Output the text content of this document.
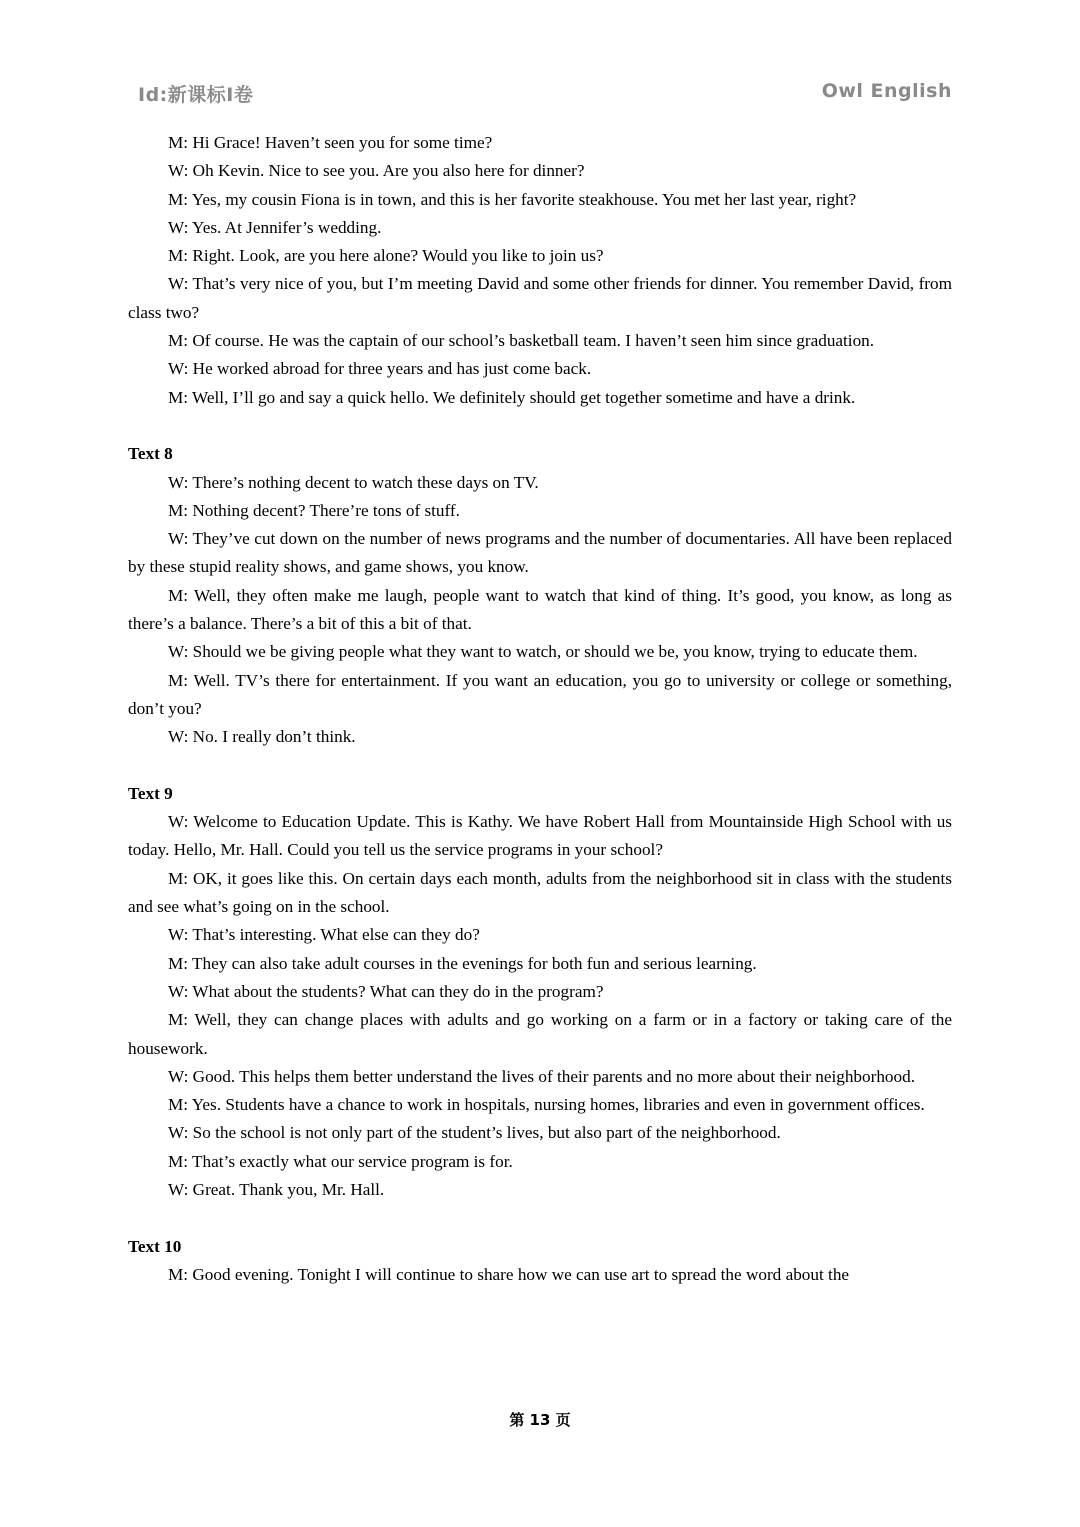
Id:新课标I卷	Owl English

M: Hi Grace! Haven’t seen you for some time?

W: Oh Kevin. Nice to see you. Are you also here for dinner?

M: Yes, my cousin Fiona is in town, and this is her favorite steakhouse. You met her last year, right?

W: Yes. At Jennifer’s wedding.

M: Right. Look, are you here alone? Would you like to join us?

W: That’s very nice of you, but I’m meeting David and some other friends for dinner. You remember David, from class two?

M: Of course. He was the captain of our school’s basketball team. I haven’t seen him since graduation.

W: He worked abroad for three years and has just come back.

M: Well, I’ll go and say a quick hello. We definitely should get together sometime and have a drink.

Text 8

W: There’s nothing decent to watch these days on TV.

M: Nothing decent? There’re tons of stuff.

W: They’ve cut down on the number of news programs and the number of documentaries. All have been replaced by these stupid reality shows, and game shows, you know.

M: Well, they often make me laugh, people want to watch that kind of thing. It’s good, you know, as long as there’s a balance. There’s a bit of this a bit of that.

W: Should we be giving people what they want to watch, or should we be, you know, trying to educate them.

M: Well. TV’s there for entertainment. If you want an education, you go to university or college or something, don’t you?

W: No. I really don’t think.

Text 9

W: Welcome to Education Update. This is Kathy. We have Robert Hall from Mountainside High School with us today. Hello, Mr. Hall. Could you tell us the service programs in your school?

M: OK, it goes like this. On certain days each month, adults from the neighborhood sit in class with the students and see what’s going on in the school.

W: That’s interesting. What else can they do?

M: They can also take adult courses in the evenings for both fun and serious learning.

W: What about the students? What can they do in the program?

M: Well, they can change places with adults and go working on a farm or in a factory or taking care of the housework.

W: Good. This helps them better understand the lives of their parents and no more about their neighborhood.

M: Yes. Students have a chance to work in hospitals, nursing homes, libraries and even in government offices.

W: So the school is not only part of the student’s lives, but also part of the neighborhood.

M: That’s exactly what our service program is for.

W: Great. Thank you, Mr. Hall.

Text 10

M: Good evening. Tonight I will continue to share how we can use art to spread the word about the

第 13 页
